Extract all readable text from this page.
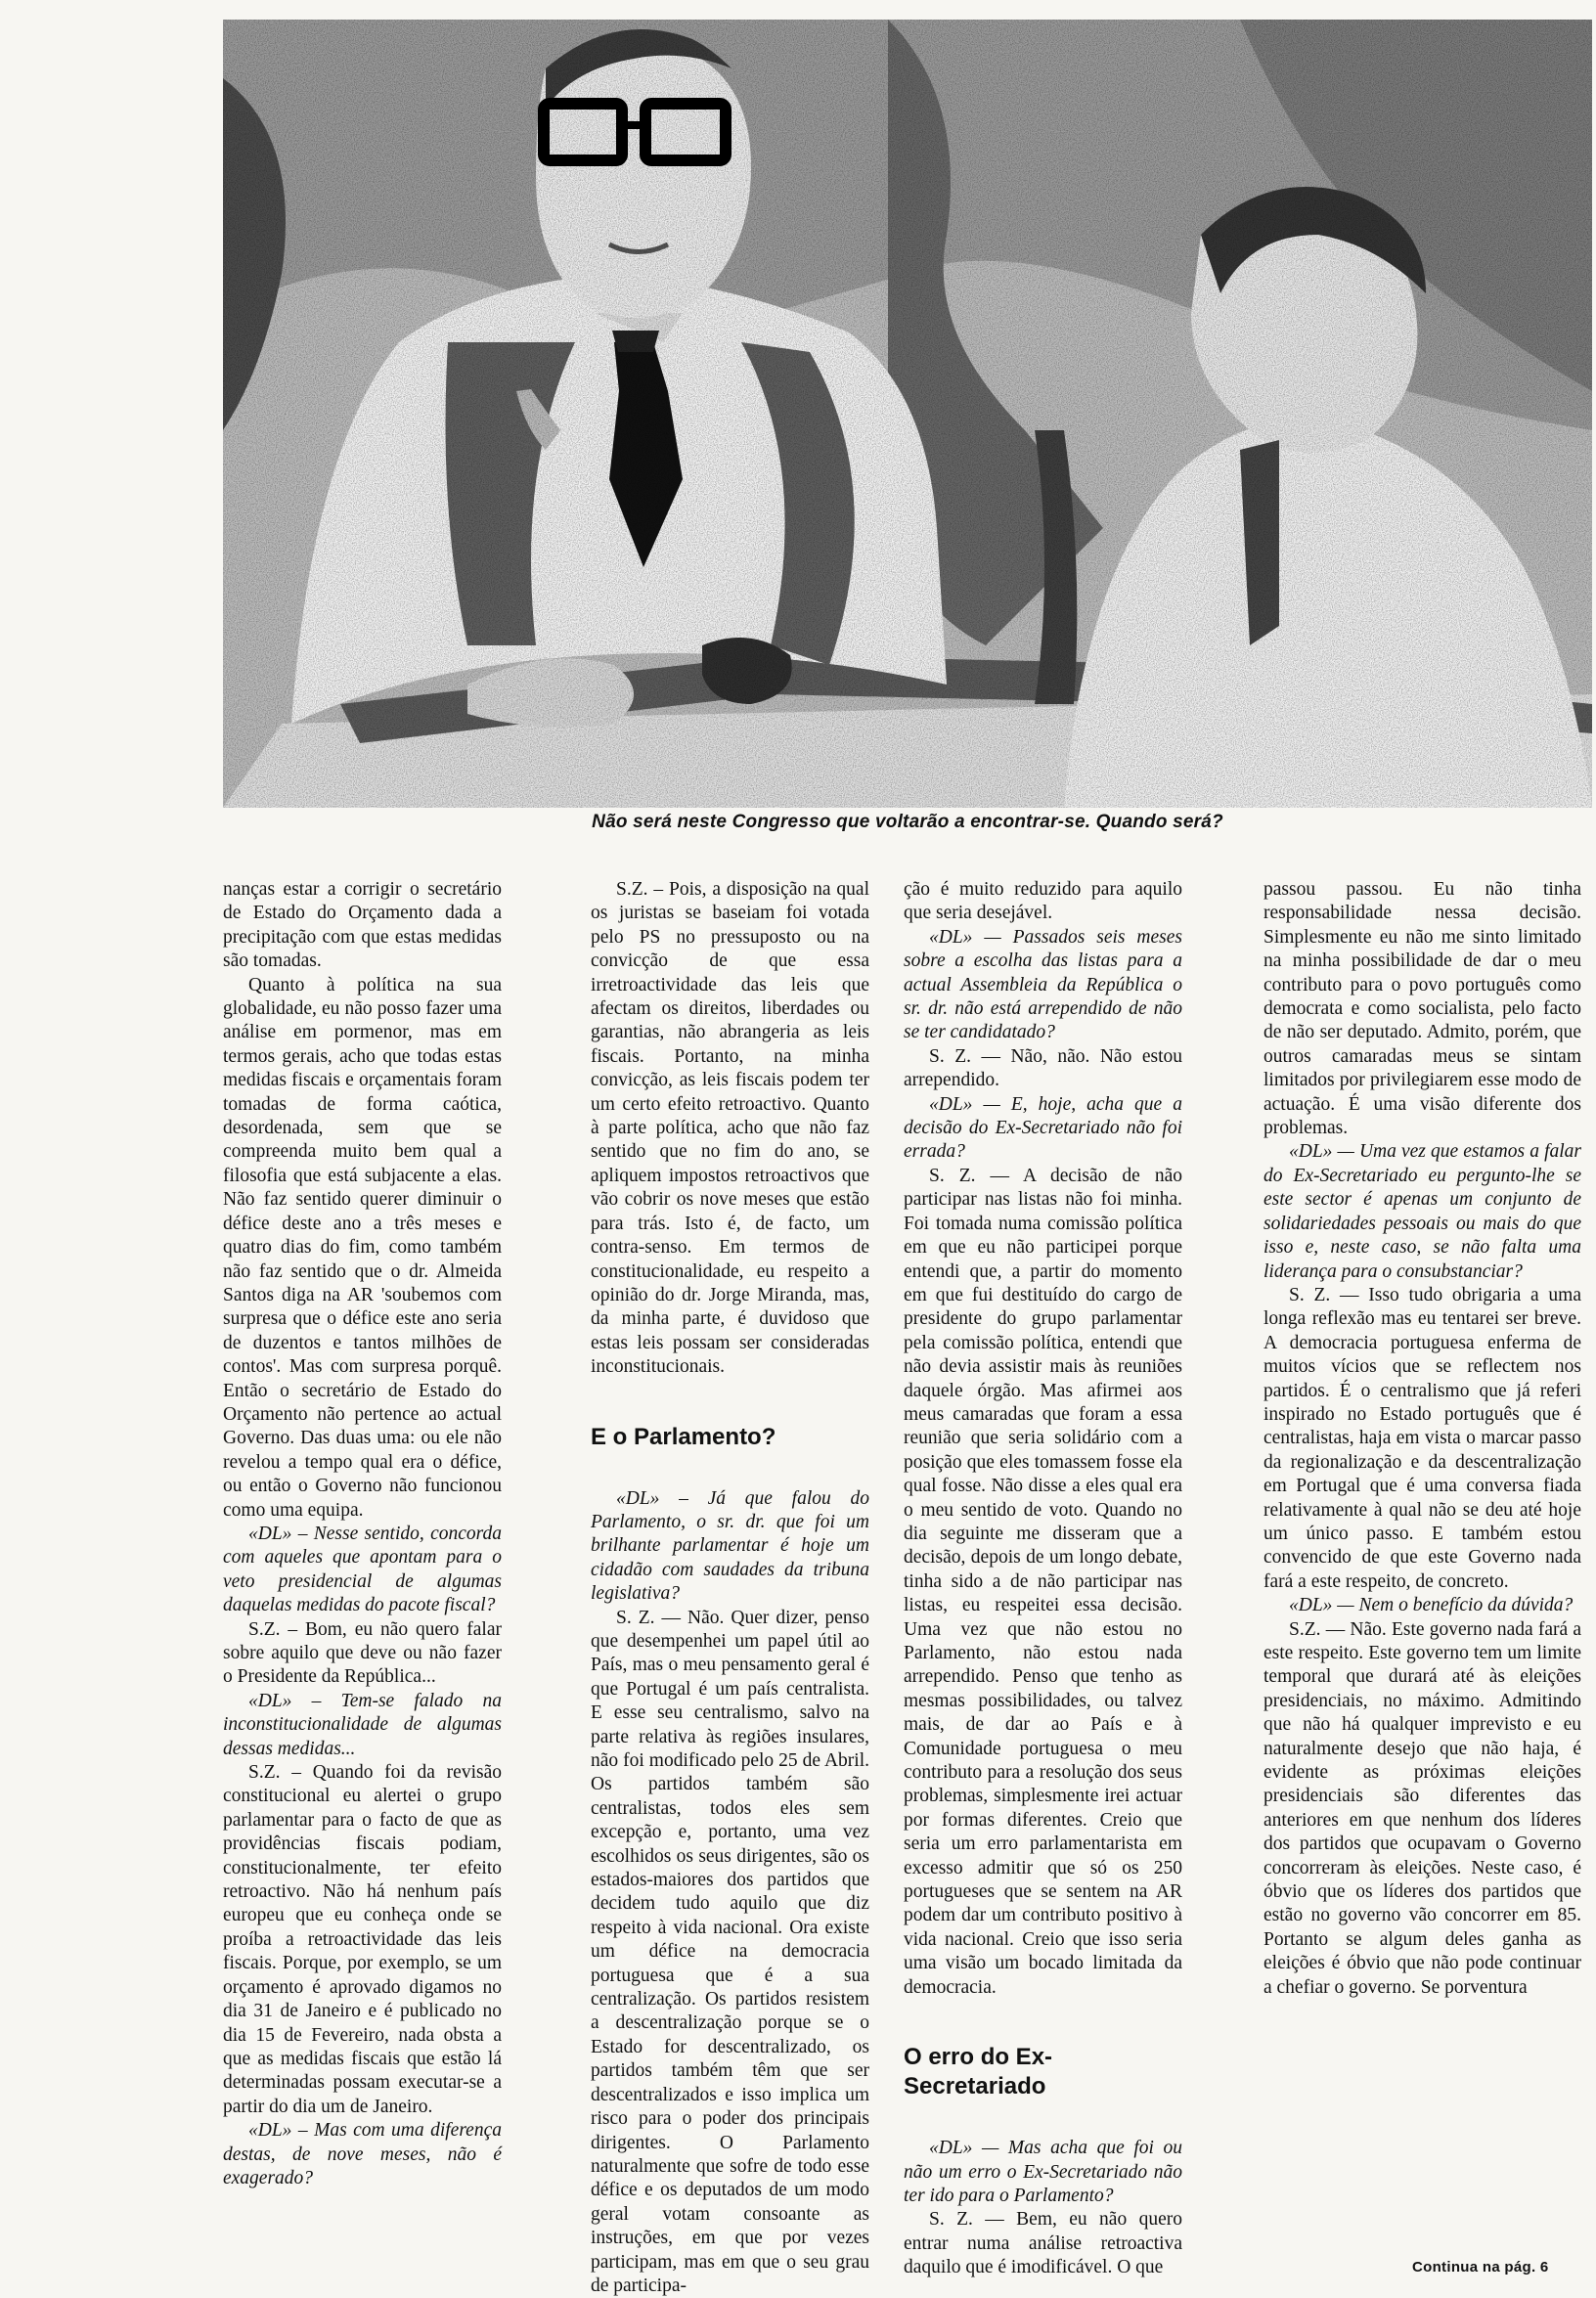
Não será neste Congresso que voltarão a encontrar-se. Quando será?

nanças estar a corrigir o secretário de Estado do Orçamento dada a precipitação com que estas medidas são tomadas.

Quanto à política na sua globalidade, eu não posso fazer uma análise em pormenor, mas em termos gerais, acho que todas estas medidas fiscais e orçamentais foram tomadas de forma caótica, desordenada, sem que se compreenda muito bem qual a filosofia que está subjacente a elas. Não faz sentido querer diminuir o défice deste ano a três meses e quatro dias do fim, como também não faz sentido que o dr. Almeida Santos diga na AR 'soubemos com surpresa que o défice este ano seria de duzentos e tantos milhões de contos'. Mas com surpresa porquê. Então o secretário de Estado do Orçamento não pertence ao actual Governo. Das duas uma: ou ele não revelou a tempo qual era o défice, ou então o Governo não funcionou como uma equipa.

«DL» – Nesse sentido, concorda com aqueles que apontam para o veto presidencial de algumas daquelas medidas do pacote fiscal?

S.Z. – Bom, eu não quero falar sobre aquilo que deve ou não fazer o Presidente da República...

«DL» – Tem-se falado na inconstitucionalidade de algumas dessas medidas...

S.Z. – Quando foi da revisão constitucional eu alertei o grupo parlamentar para o facto de que as providências fiscais podiam, constitucionalmente, ter efeito retroactivo. Não há nenhum país europeu que eu conheça onde se proíba a retroactividade das leis fiscais. Porque, por exemplo, se um orçamento é aprovado digamos no dia 31 de Janeiro e é publicado no dia 15 de Fevereiro, nada obsta a que as medidas fiscais que estão lá determinadas possam executar-se a partir do dia um de Janeiro.

«DL» – Mas com uma diferença destas, de nove meses, não é exagerado?

S.Z. – Pois, a disposição na qual os juristas se baseiam foi votada pelo PS no pressuposto ou na convicção de que essa irretroactividade das leis que afectam os direitos, liberdades ou garantias, não abrangeria as leis fiscais. Portanto, na minha convicção, as leis fiscais podem ter um certo efeito retroactivo. Quanto à parte política, acho que não faz sentido que no fim do ano, se apliquem impostos retroactivos que vão cobrir os nove meses que estão para trás. Isto é, de facto, um contra-senso. Em termos de constitucionalidade, eu respeito a opinião do dr. Jorge Miranda, mas, da minha parte, é duvidoso que estas leis possam ser consideradas inconstitucionais.

E o Parlamento?

«DL» – Já que falou do Parlamento, o sr. dr. que foi um brilhante parlamentar é hoje um cidadão com saudades da tribuna legislativa?

S. Z. — Não. Quer dizer, penso que desempenhei um papel útil ao País, mas o meu pensamento geral é que Portugal é um país centralista. E esse seu centralismo, salvo na parte relativa às regiões insulares, não foi modificado pelo 25 de Abril. Os partidos também são centralistas, todos eles sem excepção e, portanto, uma vez escolhidos os seus dirigentes, são os estados-maiores dos partidos que decidem tudo aquilo que diz respeito à vida nacional. Ora existe um défice na democracia portuguesa que é a sua centralização. Os partidos resistem a descentralização porque se o Estado for descentralizado, os partidos também têm que ser descentralizados e isso implica um risco para o poder dos principais dirigentes. O Parlamento naturalmente que sofre de todo esse défice e os deputados de um modo geral votam consoante as instruções, em que por vezes participam, mas em que o seu grau de participa-

ção é muito reduzido para aquilo que seria desejável.

«DL» — Passados seis meses sobre a escolha das listas para a actual Assembleia da República o sr. dr. não está arrependido de não se ter candidatado?

S. Z. — Não, não. Não estou arrependido.

«DL» — E, hoje, acha que a decisão do Ex-Secretariado não foi errada?

S. Z. — A decisão de não participar nas listas não foi minha. Foi tomada numa comissão política em que eu não participei porque entendi que, a partir do momento em que fui destituído do cargo de presidente do grupo parlamentar pela comissão política, entendi que não devia assistir mais às reuniões daquele órgão. Mas afirmei aos meus camaradas que foram a essa reunião que seria solidário com a posição que eles tomassem fosse ela qual fosse. Não disse a eles qual era o meu sentido de voto. Quando no dia seguinte me disseram que a decisão, depois de um longo debate, tinha sido a de não participar nas listas, eu respeitei essa decisão. Uma vez que não estou no Parlamento, não estou nada arrependido. Penso que tenho as mesmas possibilidades, ou talvez mais, de dar ao País e à Comunidade portuguesa o meu contributo para a resolução dos seus problemas, simplesmente irei actuar por formas diferentes. Creio que seria um erro parlamentarista em excesso admitir que só os 250 portugueses que se sentem na AR podem dar um contributo positivo à vida nacional. Creio que isso seria uma visão um bocado limitada da democracia.

O erro do Ex-Secretariado

«DL» — Mas acha que foi ou não um erro o Ex-Secretariado não ter ido para o Parlamento?

S. Z. — Bem, eu não quero entrar numa análise retroactiva daquilo que é imodificável. O que

passou passou. Eu não tinha responsabilidade nessa decisão. Simplesmente eu não me sinto limitado na minha possibilidade de dar o meu contributo para o povo português como democrata e como socialista, pelo facto de não ser deputado. Admito, porém, que outros camaradas meus se sintam limitados por privilegiarem esse modo de actuação. É uma visão diferente dos problemas.

«DL» — Uma vez que estamos a falar do Ex-Secretariado eu pergunto-lhe se este sector é apenas um conjunto de solidariedades pessoais ou mais do que isso e, neste caso, se não falta uma liderança para o consubstanciar?

S. Z. — Isso tudo obrigaria a uma longa reflexão mas eu tentarei ser breve. A democracia portuguesa enferma de muitos vícios que se reflectem nos partidos. É o centralismo que já referi inspirado no Estado português que é centralistas, haja em vista o marcar passo da regionalização e da descentralização em Portugal que é uma conversa fiada relativamente à qual não se deu até hoje um único passo. E também estou convencido de que este Governo nada fará a este respeito, de concreto.

«DL» — Nem o benefício da dúvida?

S.Z. — Não. Este governo nada fará a este respeito. Este governo tem um limite temporal que durará até às eleições presidenciais, no máximo. Admitindo que não há qualquer imprevisto e eu naturalmente desejo que não haja, é evidente as próximas eleições presidenciais são diferentes das anteriores em que nenhum dos líderes dos partidos que ocupavam o Governo concorreram às eleições. Neste caso, é óbvio que os líderes dos partidos que estão no governo vão concorrer em 85. Portanto se algum deles ganha as eleições é óbvio que não pode continuar a chefiar o governo. Se porventura

Continua na pág. 6
